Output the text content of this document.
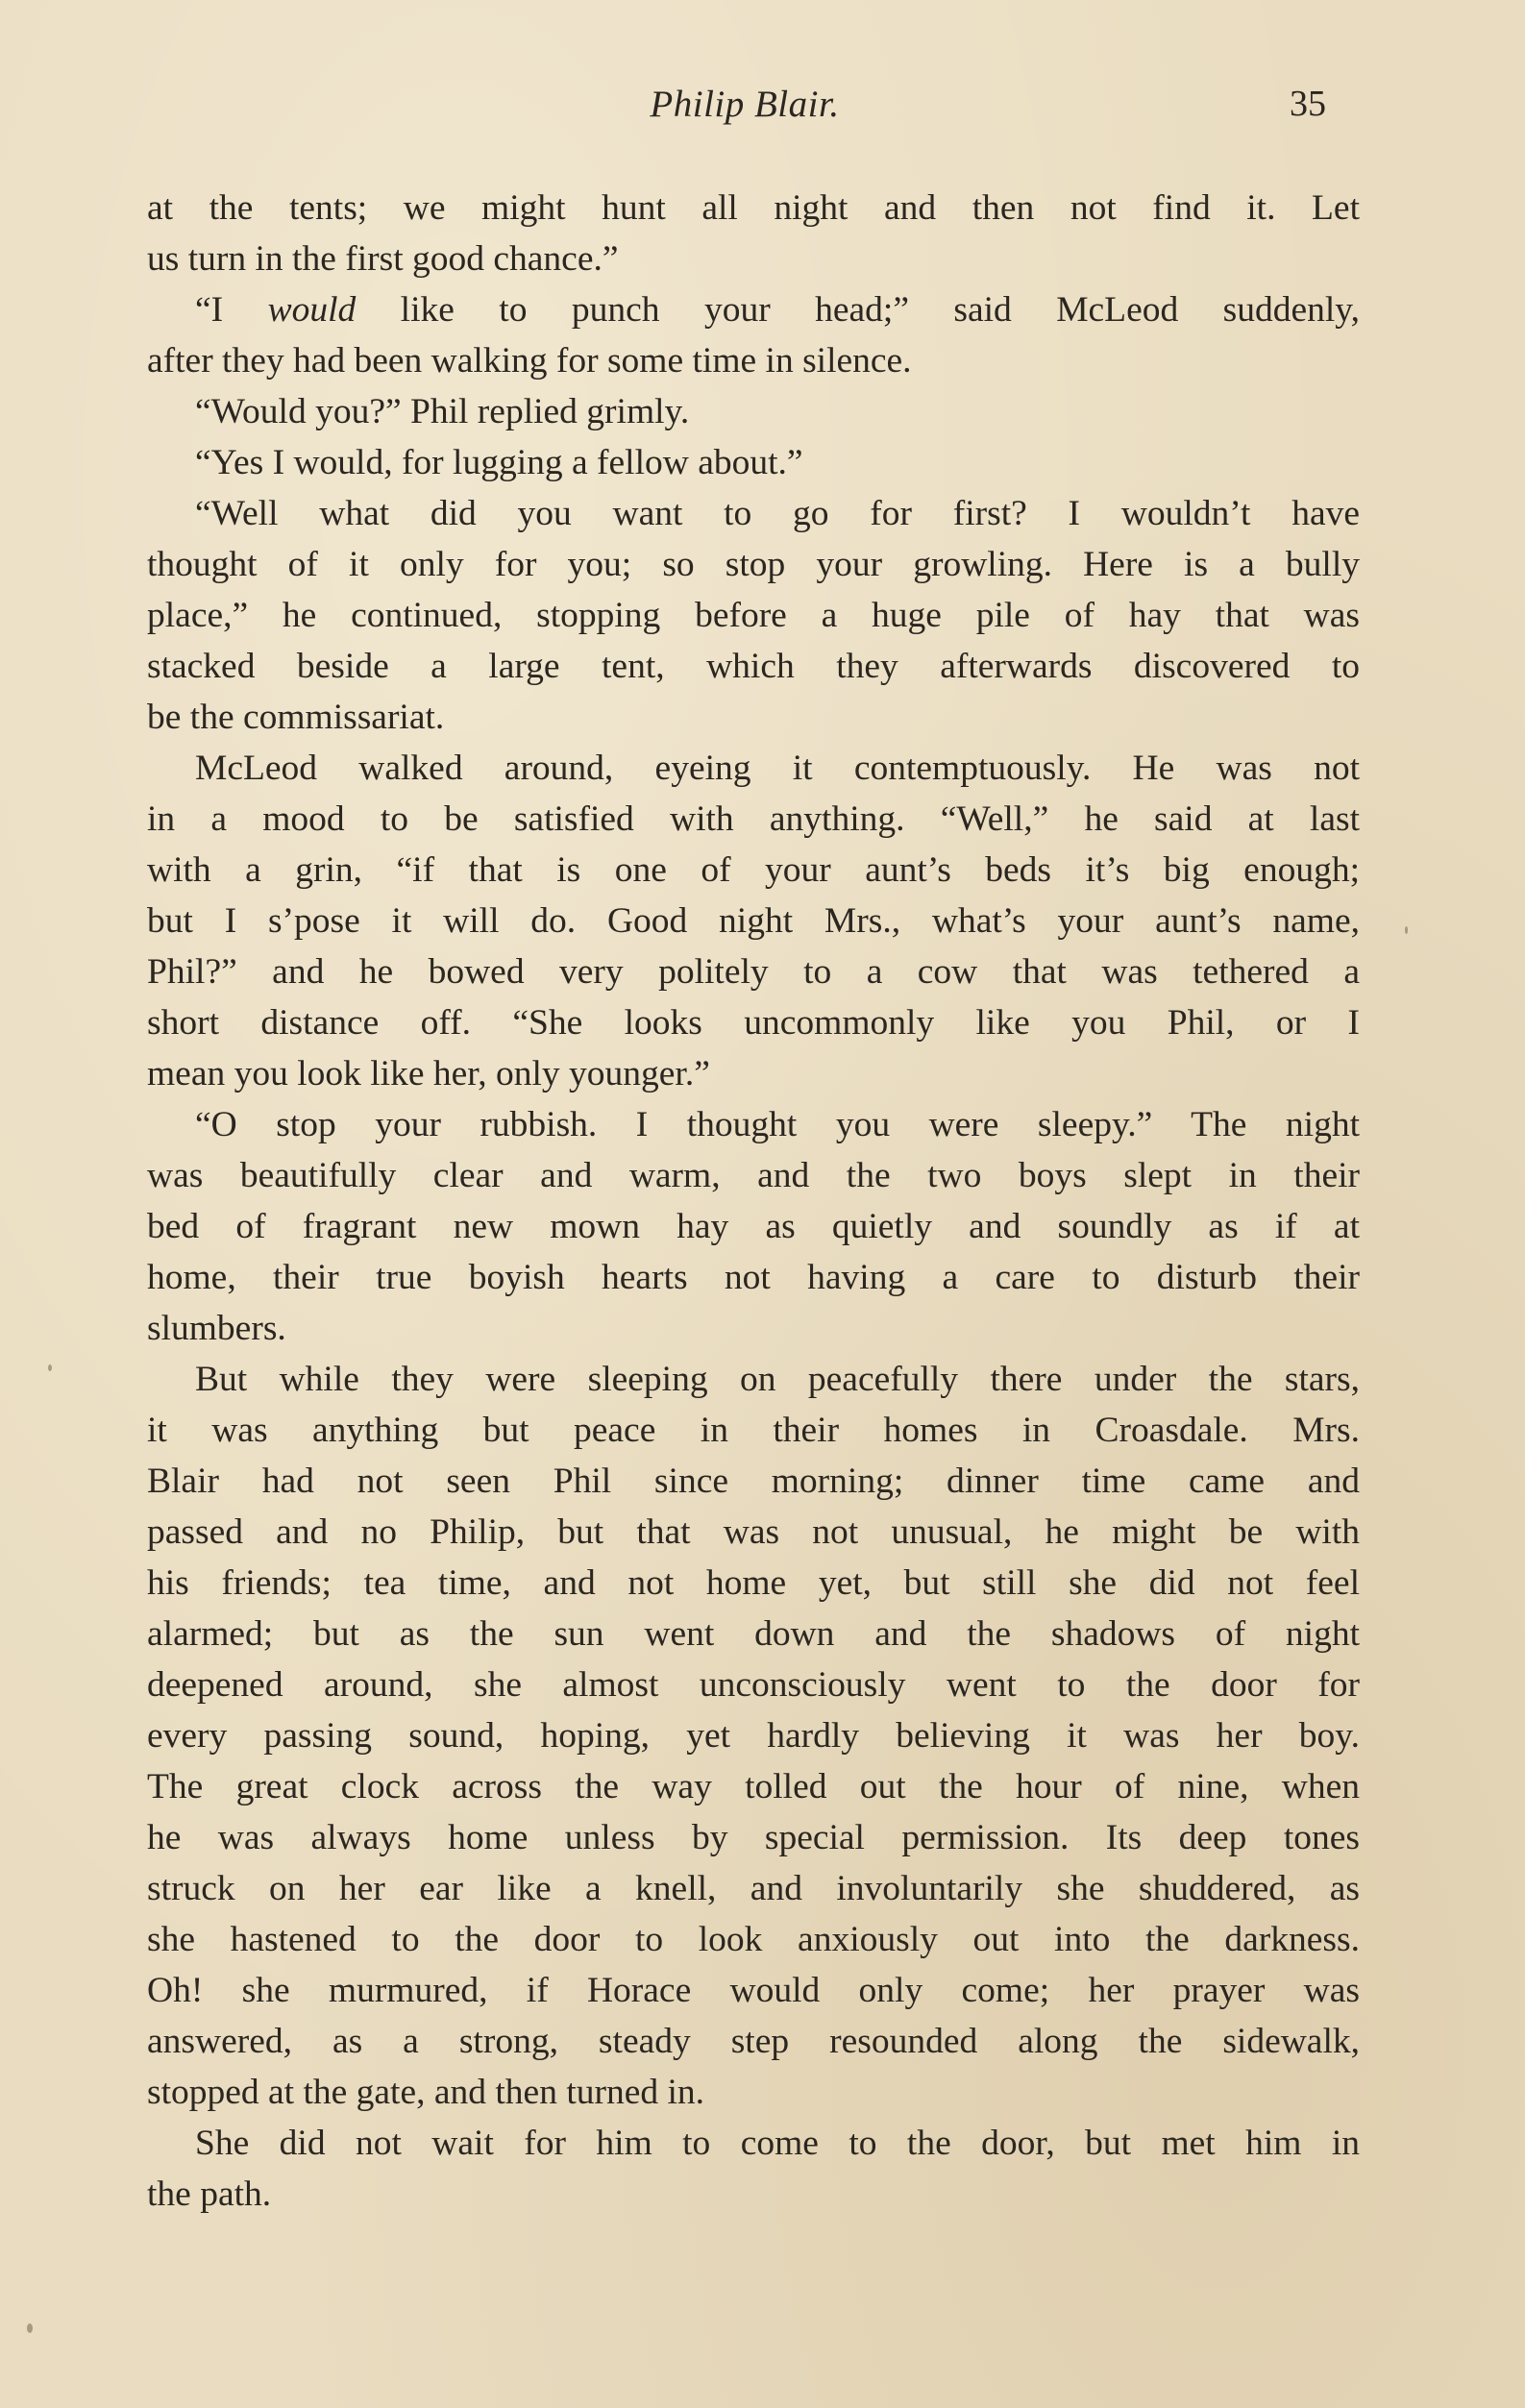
Philip Blair.	35
at the tents; we might hunt all night and then not find it. Let
us turn in the first good chance.”
“I would like to punch your head;” said McLeod suddenly,
after they had been walking for some time in silence.
“Would you?” Phil replied grimly.
“Yes I would, for lugging a fellow about.”
“Well what did you want to go for first? I wouldn’t have
thought of it only for you; so stop your growling. Here is a bully
place,” he continued, stopping before a huge pile of hay that was
stacked beside a large tent, which they afterwards discovered to
be the commissariat.
McLeod walked around, eyeing it contemptuously. He was not
in a mood to be satisfied with anything. “Well,” he said at last
with a grin, “if that is one of your aunt’s beds it’s big enough;
but I s’pose it will do. Good night Mrs., what’s your aunt’s name,
Phil?” and he bowed very politely to a cow that was tethered a
short distance off. “She looks uncommonly like you Phil, or I
mean you look like her, only younger.”
“O stop your rubbish. I thought you were sleepy.” The night
was beautifully clear and warm, and the two boys slept in their
bed of fragrant new mown hay as quietly and soundly as if at
home, their true boyish hearts not having a care to disturb their
slumbers.
But while they were sleeping on peacefully there under the stars,
it was anything but peace in their homes in Croasdale. Mrs.
Blair had not seen Phil since morning; dinner time came and
passed and no Philip, but that was not unusual, he might be with
his friends; tea time, and not home yet, but still she did not feel
alarmed; but as the sun went down and the shadows of night
deepened around, she almost unconsciously went to the door for
every passing sound, hoping, yet hardly believing it was her boy.
The great clock across the way tolled out the hour of nine, when
he was always home unless by special permission. Its deep tones
struck on her ear like a knell, and involuntarily she shuddered, as
she hastened to the door to look anxiously out into the darkness.
Oh! she murmured, if Horace would only come; her prayer was
answered, as a strong, steady step resounded along the sidewalk,
stopped at the gate, and then turned in.
She did not wait for him to come to the door, but met him in
the path.
